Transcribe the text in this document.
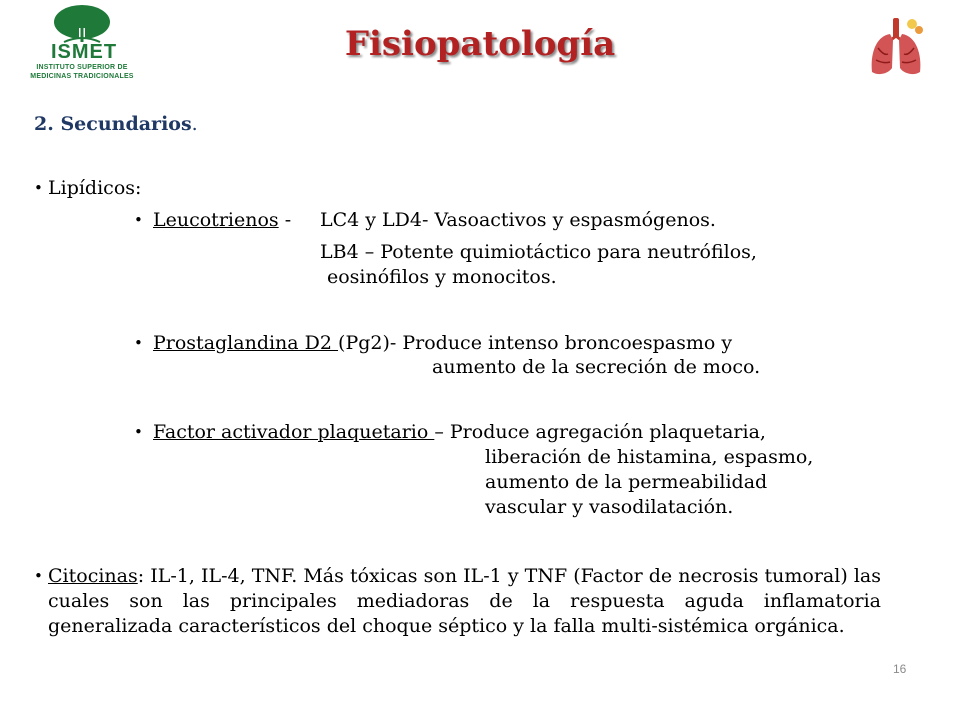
ISMET
INSTITUTO SUPERIOR DE
MEDICINAS TRADICIONALES
Fisiopatología
2. Secundarios.
• Lipídicos:
• Leucotrienos - LC4 y LD4- Vasoactivos y espasmógenos.
LB4 – Potente quimiotáctico para neutrófilos,
eosinófilos y monocitos.
• Prostaglandina D2 (Pg2)- Produce intenso broncoespasmo y
aumento de la secreción de moco.
• Factor activador plaquetario – Produce agregación plaquetaria,
liberación de histamina, espasmo,
aumento de la permeabilidad
vascular y vasodilatación.
• Citocinas: IL-1, IL-4, TNF. Más tóxicas son IL-1 y TNF (Factor de necrosis tumoral) las cuales son las principales mediadoras de la respuesta aguda inflamatoria generalizada característicos del choque séptico y la falla multi-sistémica orgánica.
16
